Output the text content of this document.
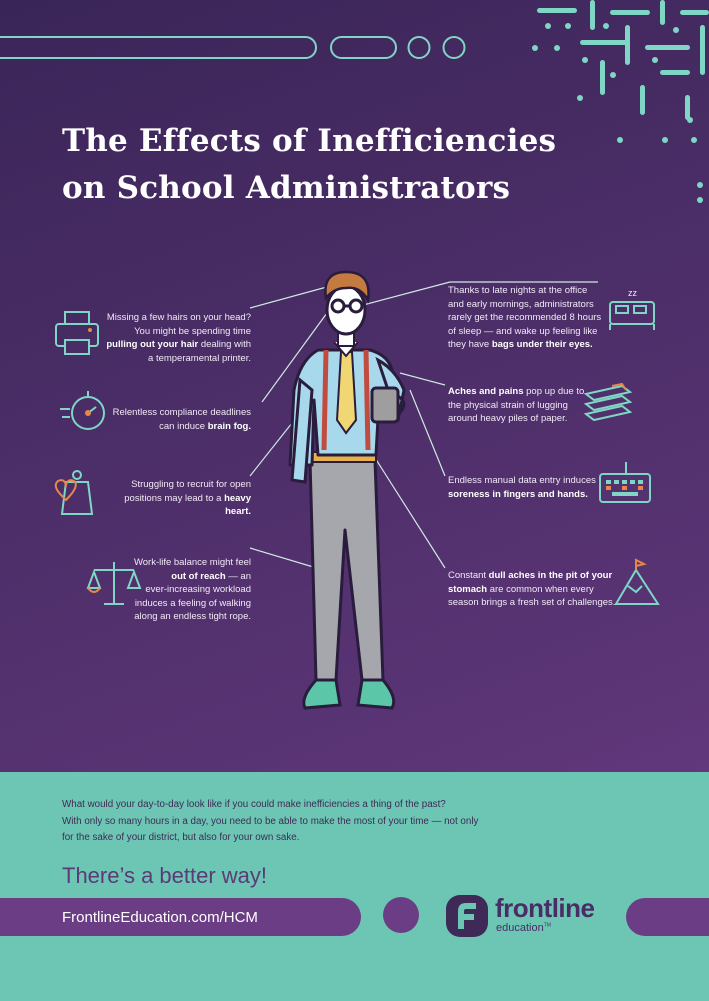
The Effects of Inefficiencies
on School Administrators
zz
Missing a few hairs on your head?
You might be spending time
pulling out your hair dealing with
a temperamental printer.
Relentless compliance deadlines
can induce brain fog.
Struggling to recruit for open
positions may lead to a heavy heart.
Work-life balance might feel
out of reach — an
ever-increasing workload
induces a feeling of walking
along an endless tight rope.
Thanks to late nights at the office
and early mornings, administrators
rarely get the recommended 8 hours
of sleep — and wake up feeling like
they have bags under their eyes.
Aches and pains pop up due to
the physical strain of lugging
around heavy piles of paper.
Endless manual data entry induces
soreness in fingers and hands.
Constant dull aches in the pit of your
stomach are common when every
season brings a fresh set of challenges.
What would your day-to-day look like if you could make inefficiencies a thing of the past?
With only so many hours in a day, you need to be able to make the most of your time — not only
for the sake of your district, but also for your own sake.
There’s a better way!
FrontlineEducation.com/HCM	frontline
education™
